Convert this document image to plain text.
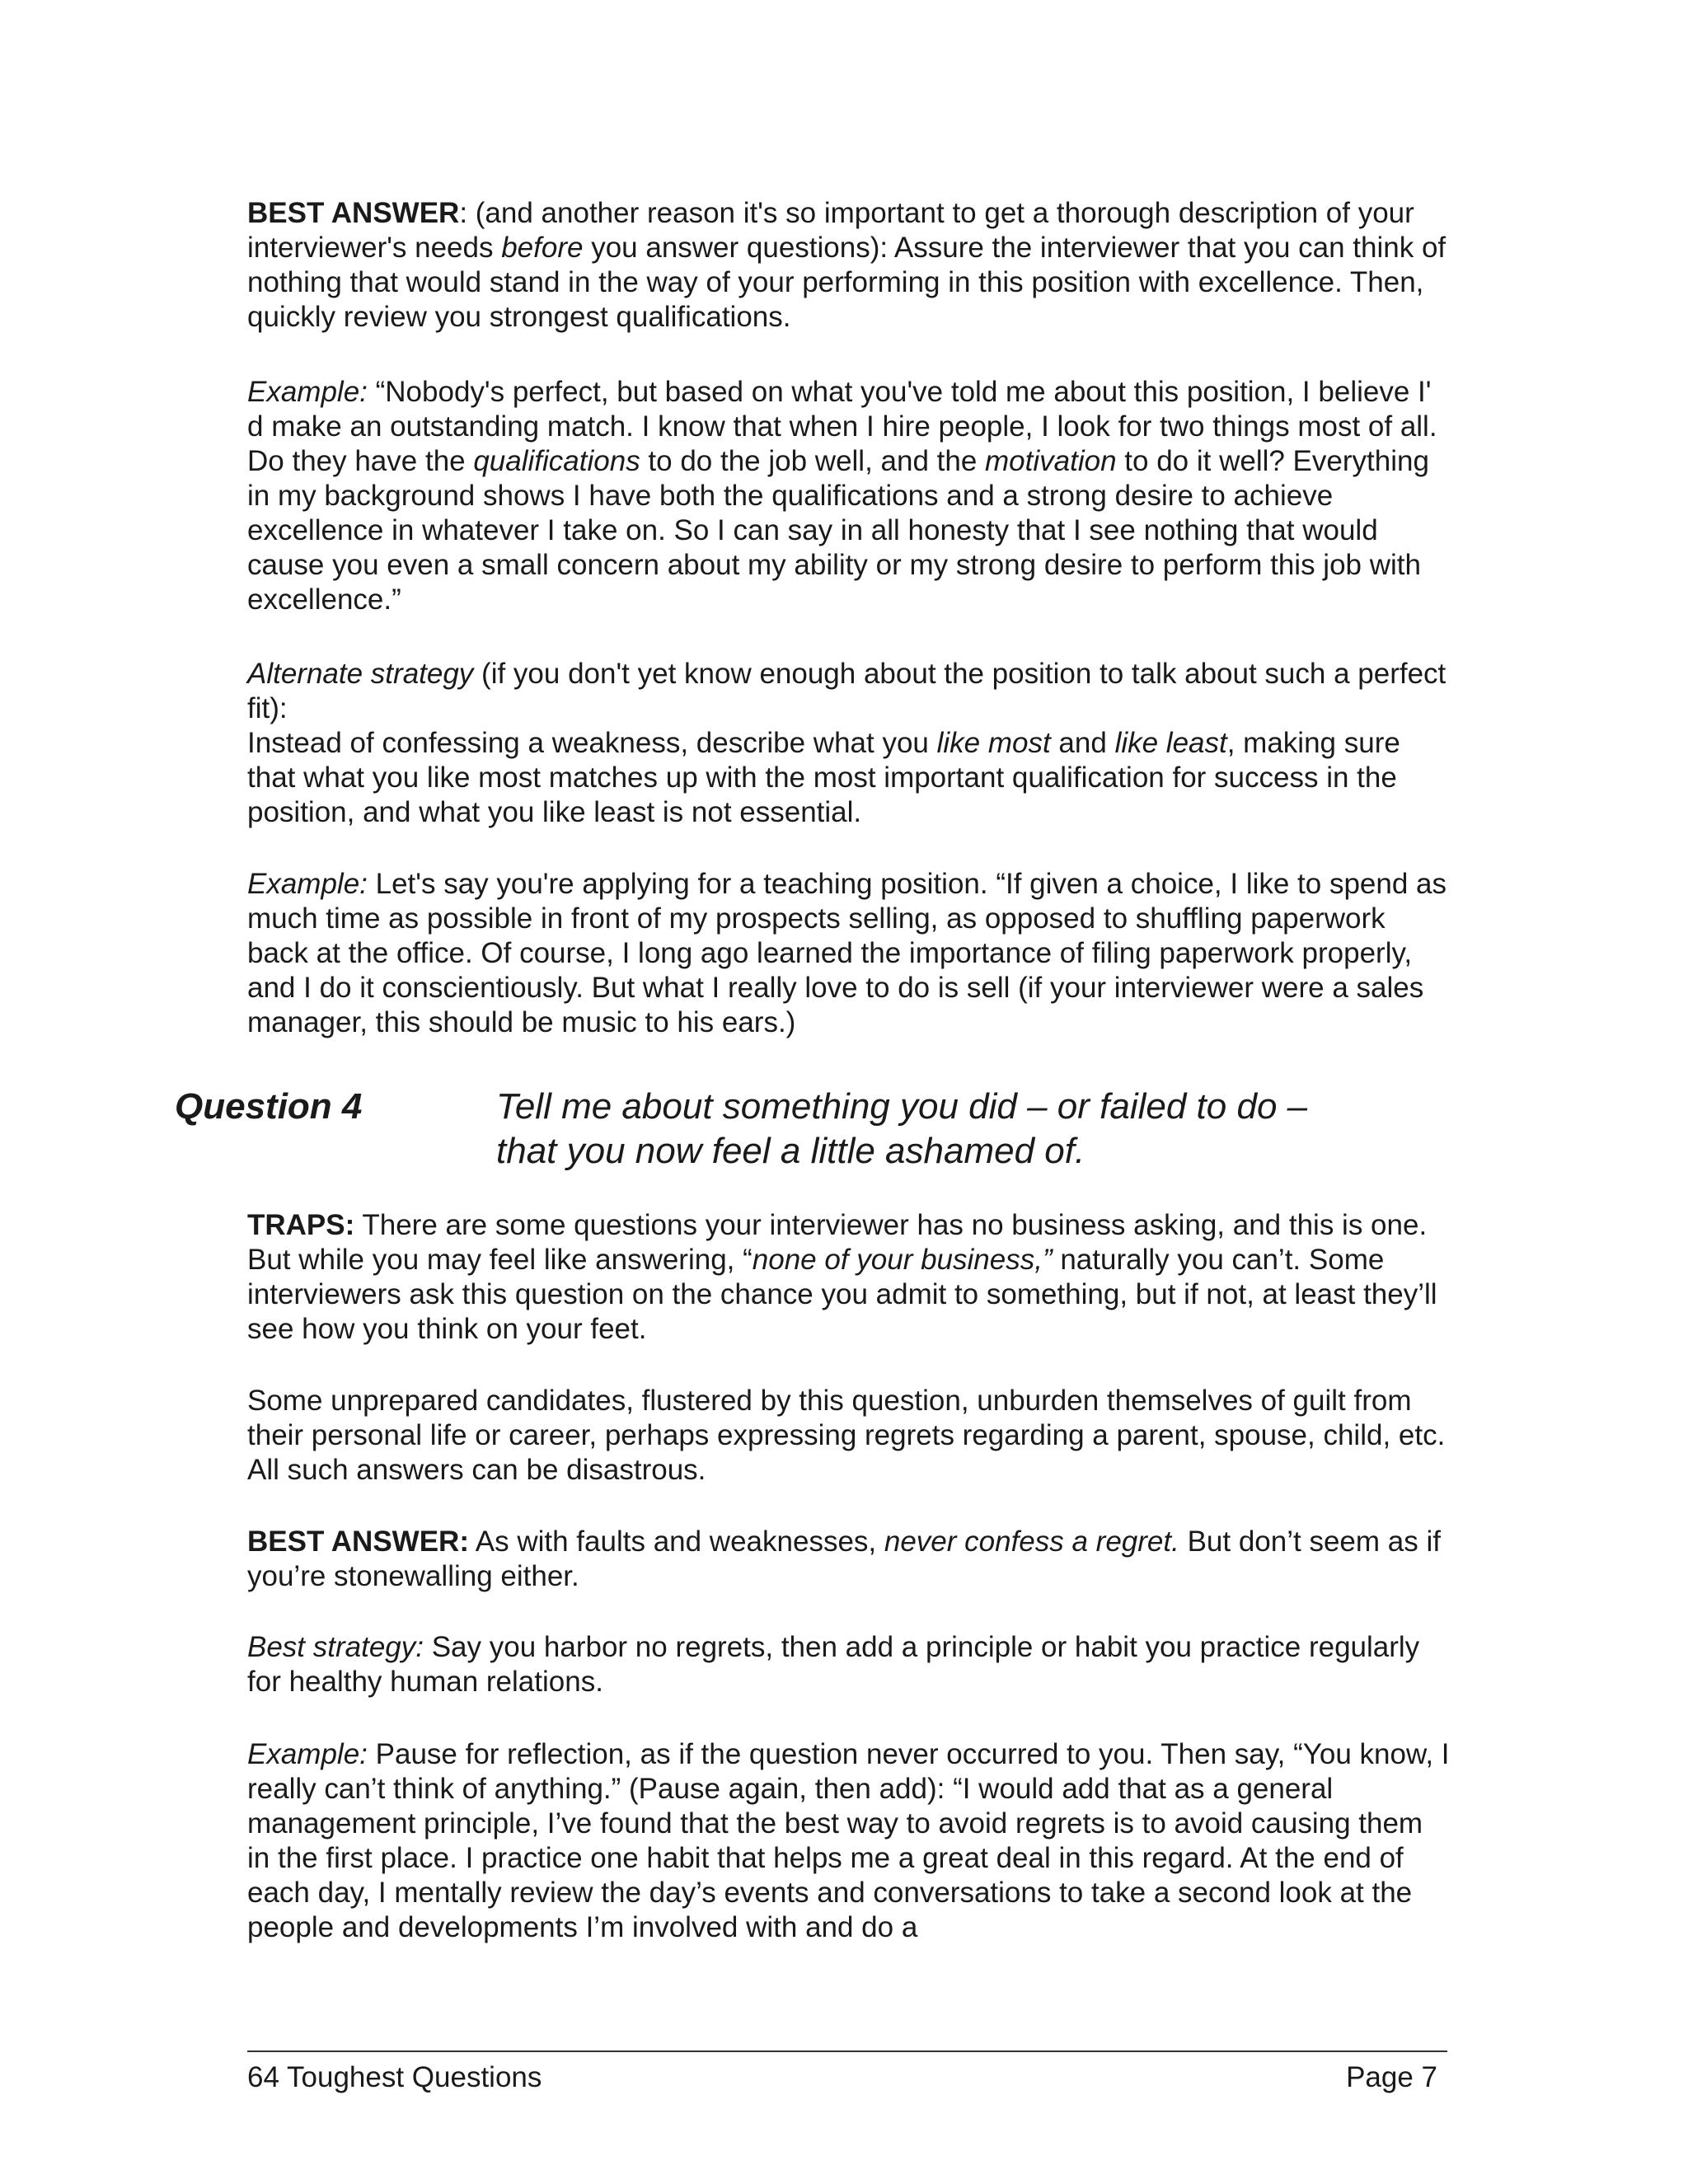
BEST ANSWER: (and another reason it's so important to get a thorough description of your interviewer's needs before you answer questions): Assure the interviewer that you can think of nothing that would stand in the way of your performing in this position with excellence. Then, quickly review you strongest qualifications.

Example: “Nobody's perfect, but based on what you've told me about this position, I believe I' d make an outstanding match. I know that when I hire people, I look for two things most of all. Do they have the qualifications to do the job well, and the motivation to do it well? Everything in my background shows I have both the qualifications and a strong desire to achieve excellence in whatever I take on. So I can say in all honesty that I see nothing that would cause you even a small concern about my ability or my strong desire to perform this job with excellence.”

Alternate strategy (if you don't yet know enough about the position to talk about such a perfect fit):

Instead of confessing a weakness, describe what you like most and like least, making sure that what you like most matches up with the most important qualification for success in the position, and what you like least is not essential.

Example: Let's say you're applying for a teaching position. “If given a choice, I like to spend as much time as possible in front of my prospects selling, as opposed to shuffling paperwork back at the office. Of course, I long ago learned the importance of filing paperwork properly, and I do it conscientiously. But what I really love to do is sell (if your interviewer were a sales manager, this should be music to his ears.)

Question 4	Tell me about something you did – or failed to do –
that you now feel a little ashamed of.

TRAPS: There are some questions your interviewer has no business asking, and this is one. But while you may feel like answering, “none of your business,” naturally you can’t. Some interviewers ask this question on the chance you admit to something, but if not, at least they’ll see how you think on your feet.

Some unprepared candidates, flustered by this question, unburden themselves of guilt from their personal life or career, perhaps expressing regrets regarding a parent, spouse, child, etc. All such answers can be disastrous.

BEST ANSWER: As with faults and weaknesses, never confess a regret. But don’t seem as if you’re stonewalling either.

Best strategy: Say you harbor no regrets, then add a principle or habit you practice regularly for healthy human relations.

Example: Pause for reflection, as if the question never occurred to you. Then say, “You know, I really can’t think of anything.” (Pause again, then add): “I would add that as a general management principle, I’ve found that the best way to avoid regrets is to avoid causing them in the first place. I practice one habit that helps me a great deal in this regard. At the end of each day, I mentally review the day’s events and conversations to take a second look at the people and developments I’m involved with and do a

64 Toughest Questions	Page 7
